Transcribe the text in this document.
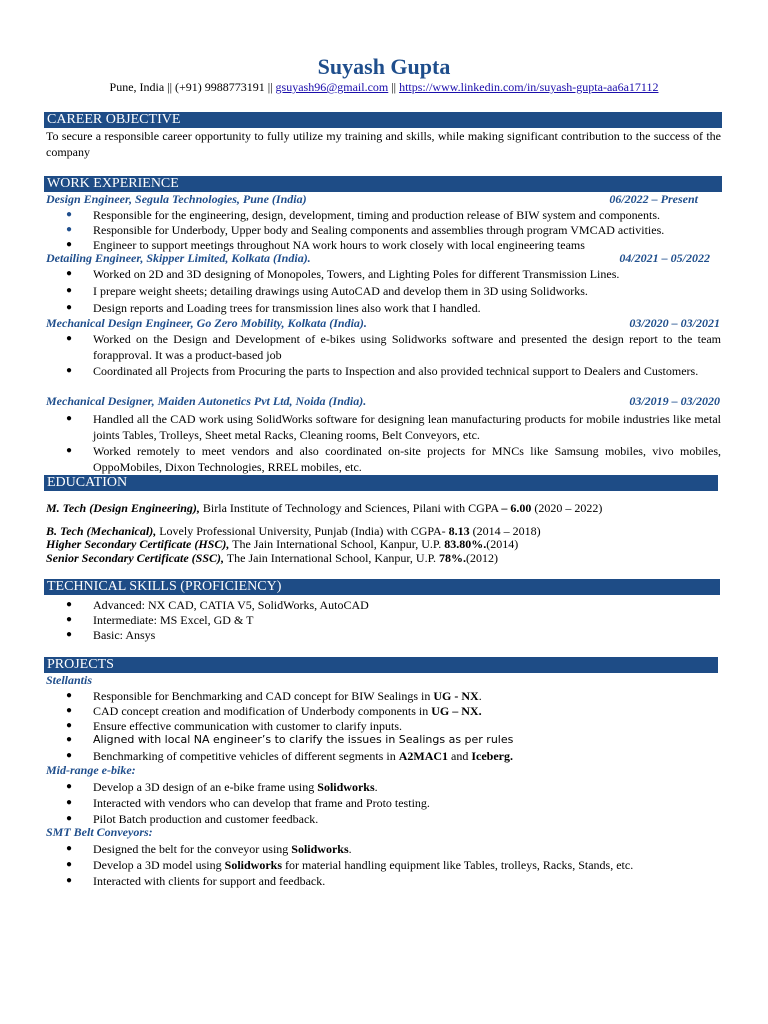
Suyash Gupta
Pune, India || (+91) 9988773191 || gsuyash96@gmail.com || https://www.linkedin.com/in/suyash-gupta-aa6a17112
CAREER OBJECTIVE
To secure a responsible career opportunity to fully utilize my training and skills, while making significant contribution to the success of the company
WORK EXPERIENCE
Design Engineer, Segula Technologies, Pune (India)	06/2022 – Present
●	Responsible for the engineering, design, development, timing and production release of BIW system and components.
●	Responsible for Underbody, Upper body and Sealing components and assemblies through program VMCAD activities.
●	Engineer to support meetings throughout NA work hours to work closely with local engineering teams
Detailing Engineer, Skipper Limited, Kolkata (India).	04/2021 – 05/2022
●	Worked on 2D and 3D designing of Monopoles, Towers, and Lighting Poles for different Transmission Lines.
●	I prepare weight sheets; detailing drawings using AutoCAD and develop them in 3D using Solidworks.
●	Design reports and Loading trees for transmission lines also work that I handled.
Mechanical Design Engineer, Go Zero Mobility, Kolkata (India).	03/2020 – 03/2021
●	Worked on the Design and Development of e-bikes using Solidworks software and presented the design report to the team forapproval. It was a product-based job
●	Coordinated all Projects from Procuring the parts to Inspection and also provided technical support to Dealers and Customers.
Mechanical Designer, Maiden Autonetics Pvt Ltd, Noida (India).	03/2019 – 03/2020
●	Handled all the CAD work using SolidWorks software for designing lean manufacturing products for mobile industries like metal joints Tables, Trolleys, Sheet metal Racks, Cleaning rooms, Belt Conveyors, etc.
●	Worked remotely to meet vendors and also coordinated on-site projects for MNCs like Samsung mobiles, vivo mobiles, OppoMobiles, Dixon Technologies, RREL mobiles, etc.
EDUCATION
M. Tech (Design Engineering), Birla Institute of Technology and Sciences, Pilani with CGPA – 6.00 (2020 – 2022)
B. Tech (Mechanical), Lovely Professional University, Punjab (India) with CGPA- 8.13 (2014 – 2018)
Higher Secondary Certificate (HSC), The Jain International School, Kanpur, U.P. 83.80%.(2014)
Senior Secondary Certificate (SSC), The Jain International School, Kanpur, U.P. 78%.(2012)
TECHNICAL SKILLS (PROFICIENCY)
●	Advanced: NX CAD, CATIA V5, SolidWorks, AutoCAD
●	Intermediate: MS Excel, GD & T
●	Basic: Ansys
PROJECTS
Stellantis
●	Responsible for Benchmarking and CAD concept for BIW Sealings in UG - NX.
●	CAD concept creation and modification of Underbody components in UG – NX.
●	Ensure effective communication with customer to clarify inputs.
●	Aligned with local NA engineer’s to clarify the issues in Sealings as per rules
●	Benchmarking of competitive vehicles of different segments in A2MAC1 and Iceberg.
Mid-range e-bike:
●	Develop a 3D design of an e-bike frame using Solidworks.
●	Interacted with vendors who can develop that frame and Proto testing.
●	Pilot Batch production and customer feedback.
SMT Belt Conveyors:
●	Designed the belt for the conveyor using Solidworks.
●	Develop a 3D model using Solidworks for material handling equipment like Tables, trolleys, Racks, Stands, etc.
●	Interacted with clients for support and feedback.
